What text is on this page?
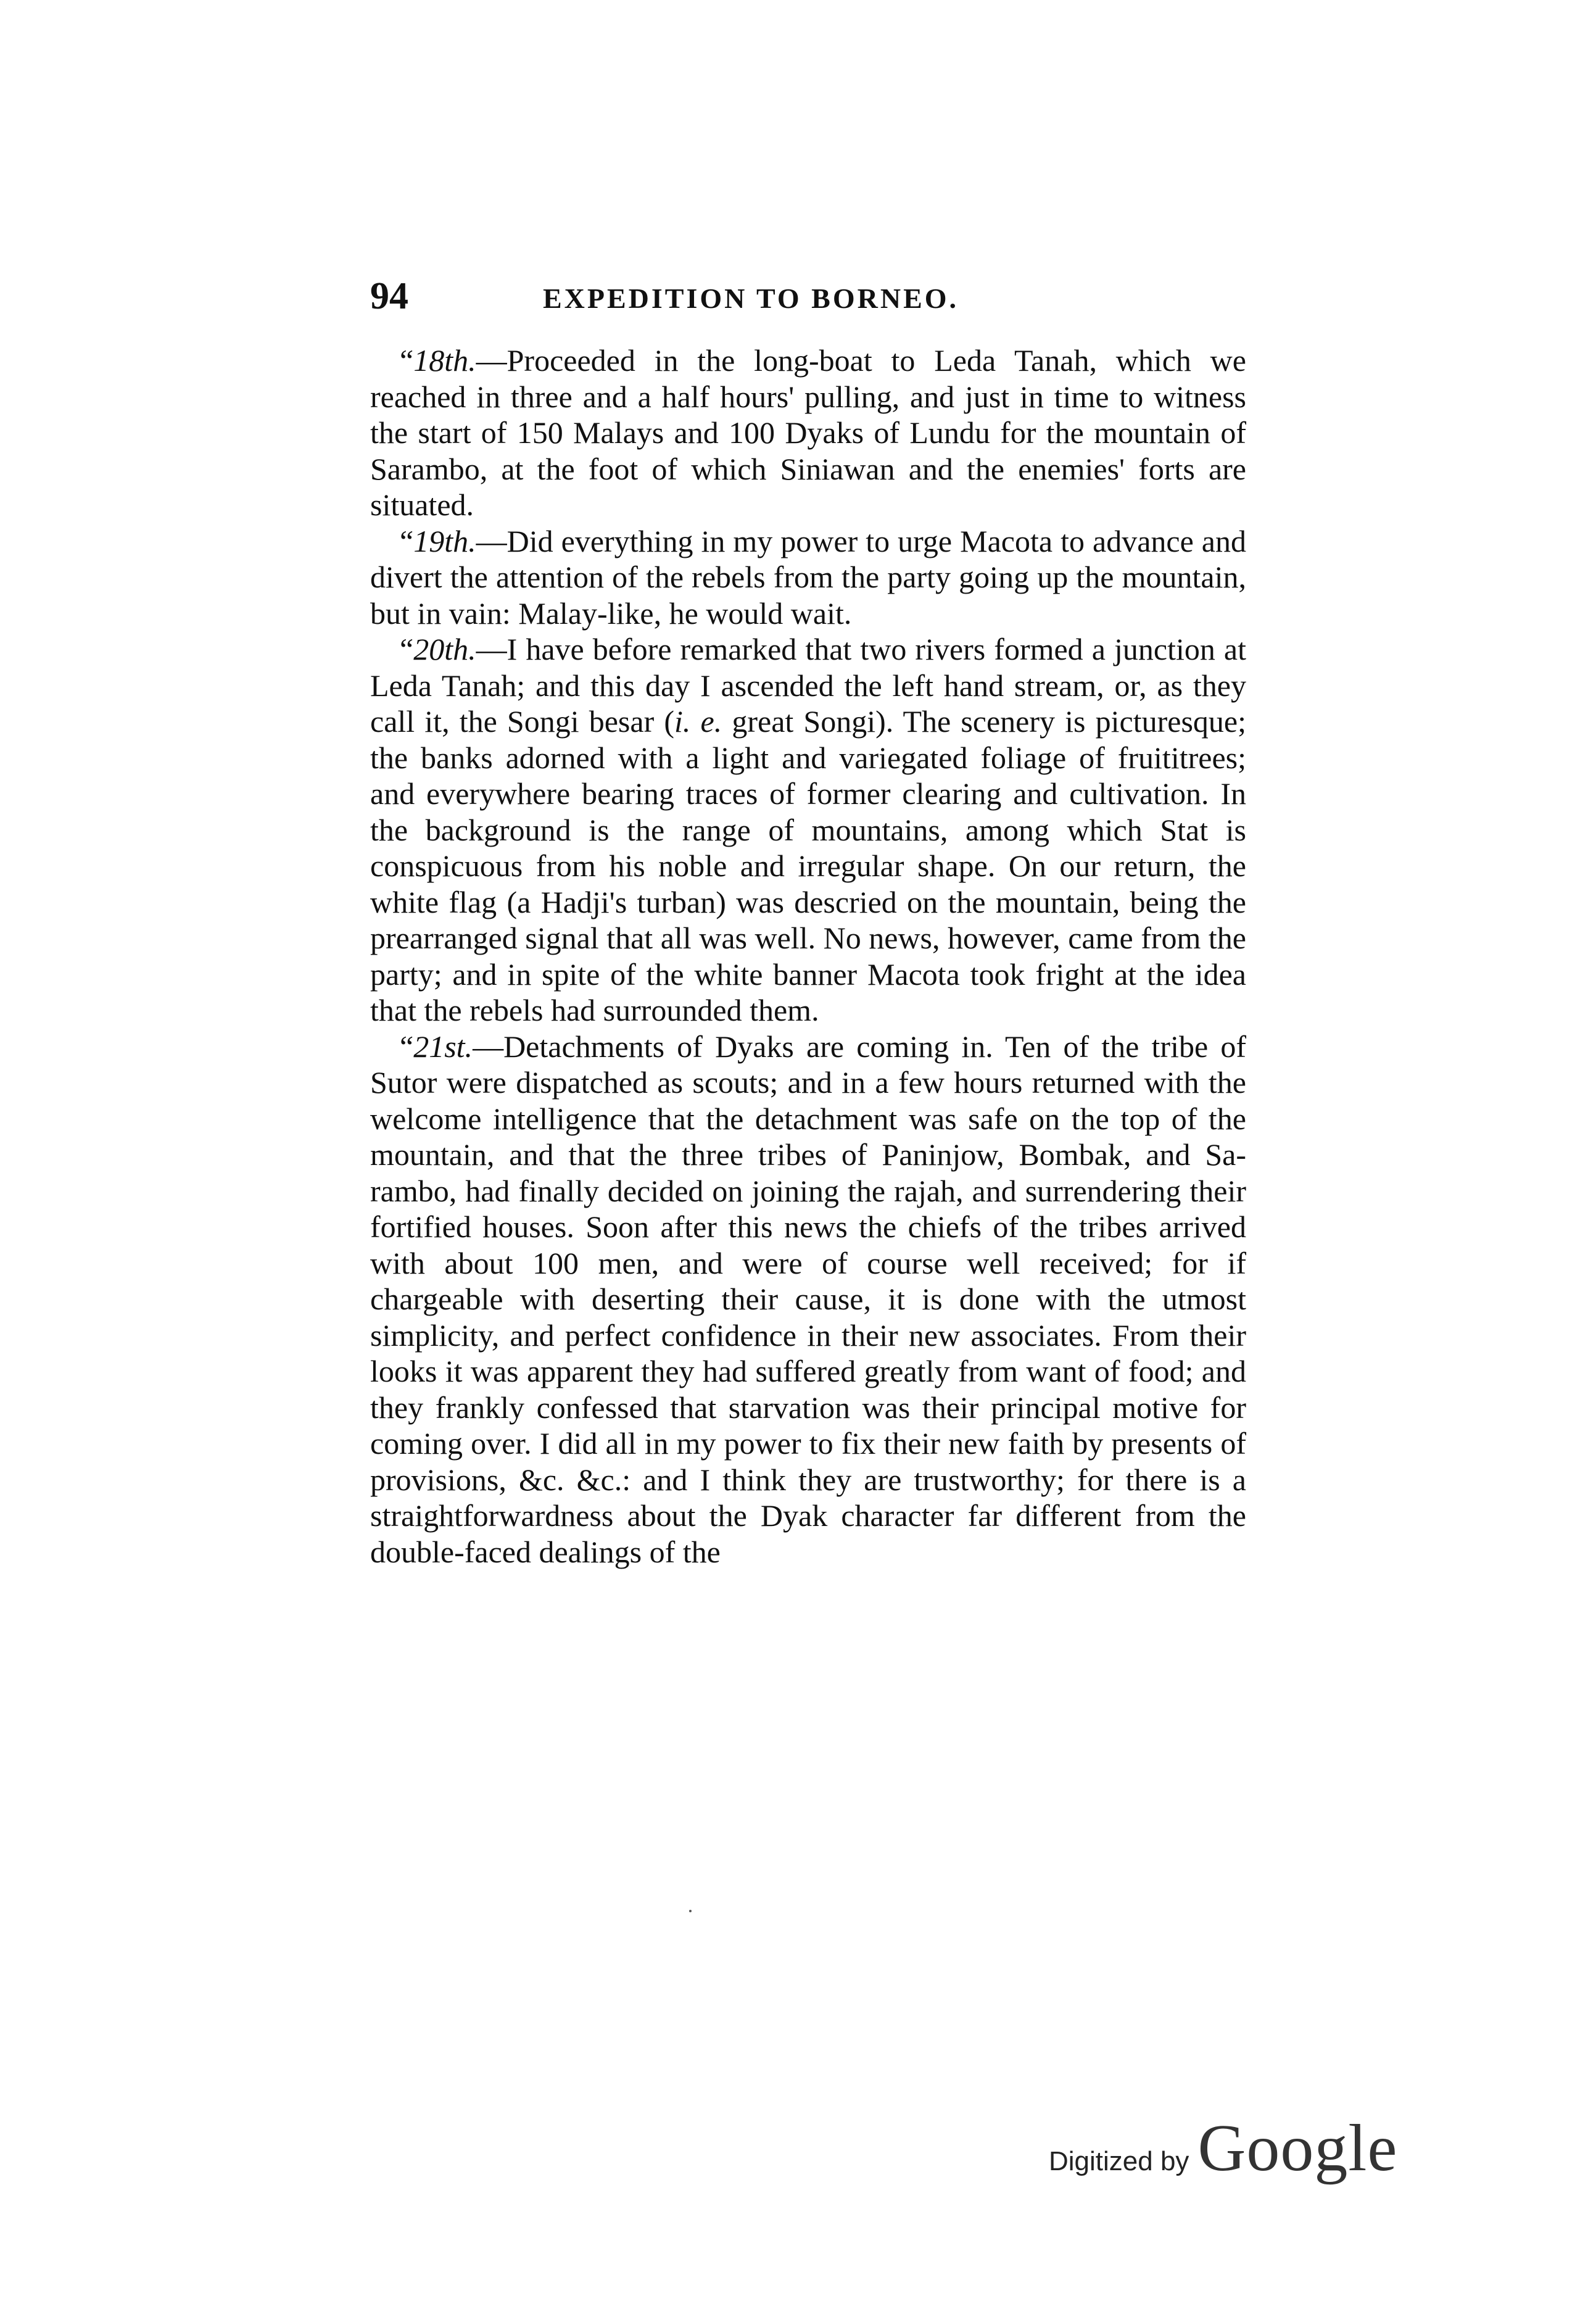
94	EXPEDITION TO BORNEO.

“18th.—Proceeded in the long-boat to Leda Tanah, which we reached in three and a half hours' pulling, and just in time to witness the start of 150 Malays and 100 Dyaks of Lundu for the mountain of Sarambo, at the foot of which Siniawan and the enemies' forts are situated.

“19th.—Did everything in my power to urge Macota to advance and divert the attention of the rebels from the party going up the mountain, but in vain: Malay-like, he would wait.

“20th.—I have before remarked that two rivers formed a junction at Leda Tanah; and this day I ascended the left hand stream, or, as they call it, the Songi besar (i. e. great Songi). The scenery is picturesque; the banks adorned with a light and variegated foliage of fruititrees; and everywhere bearing traces of former clearing and cultivation. In the background is the range of mountains, among which Stat is conspicuous from his noble and irregular shape. On our return, the white flag (a Hadji's turban) was descried on the mountain, being the prearranged signal that all was well. No news, however, came from the party; and in spite of the white banner Macota took fright at the idea that the rebels had surrounded them.

“21st.—Detachments of Dyaks are coming in. Ten of the tribe of Sutor were dispatched as scouts; and in a few hours returned with the welcome intelligence that the detachment was safe on the top of the mountain, and that the three tribes of Paninjow, Bombak, and Sarambo, had finally decided on joining the rajah, and surrendering their fortified houses. Soon after this news the chiefs of the tribes arrived with about 100 men, and were of course well received; for if chargeable with deserting their cause, it is done with the utmost simplicity, and perfect confidence in their new associates. From their looks it was apparent they had suffered greatly from want of food; and they frankly confessed that starvation was their principal motive for coming over. I did all in my power to fix their new faith by presents of provisions, &c. &c.: and I think they are trustworthy; for there is a straightforwardness about the Dyak character far different from the double-faced dealings of the

Digitized by Google
